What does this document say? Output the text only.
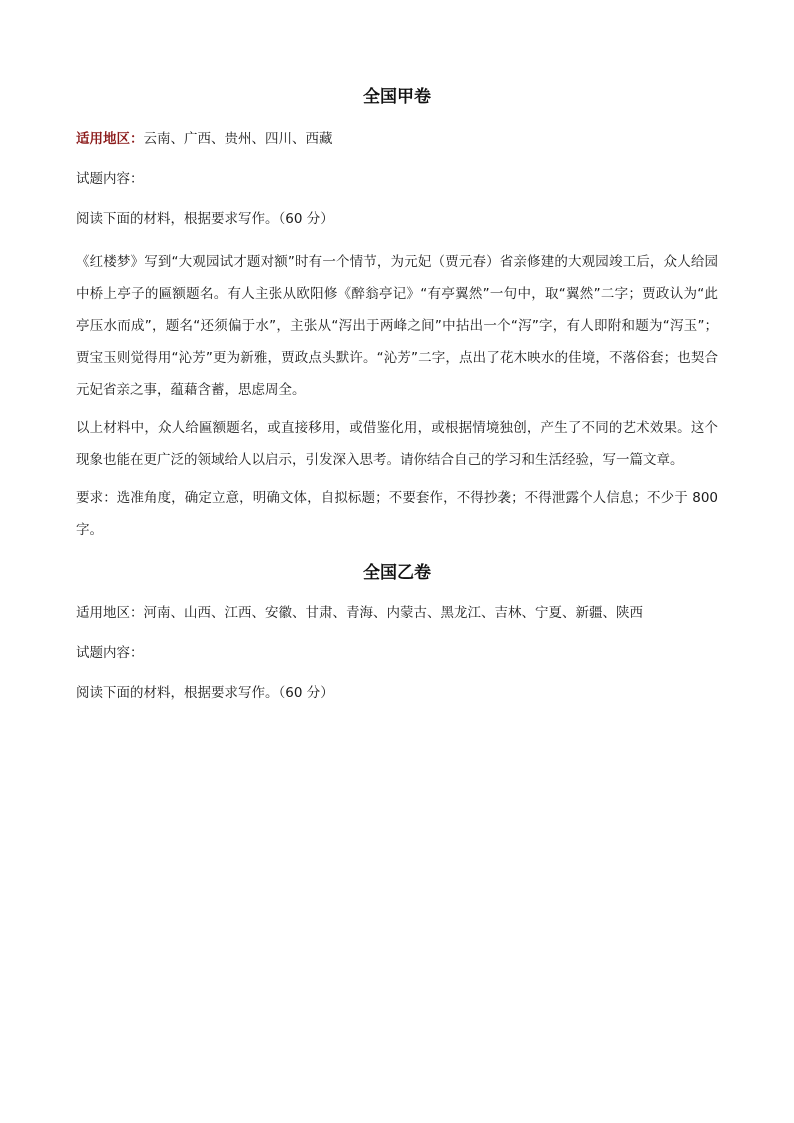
全国甲卷

适用地区：云南、广西、贵州、四川、西藏

试题内容：

阅读下面的材料，根据要求写作。（60 分）

《红楼梦》写到“大观园试才题对额”时有一个情节，为元妃（贾元春）省亲修建的大观园竣工后，众人给园中桥上亭子的匾额题名。有人主张从欧阳修《醉翁亭记》“有亭翼然”一句中，取“翼然”二字；贾政认为“此亭压水而成”，题名“还须偏于水”，主张从“泻出于两峰之间”中拈出一个“泻”字，有人即附和题为“泻玉”；贾宝玉则觉得用“沁芳”更为新雅，贾政点头默许。“沁芳”二字，点出了花木映水的佳境，不落俗套；也契合元妃省亲之事，蕴藉含蓄，思虑周全。

以上材料中，众人给匾额题名，或直接移用，或借鉴化用，或根据情境独创，产生了不同的艺术效果。这个现象也能在更广泛的领域给人以启示，引发深入思考。请你结合自己的学习和生活经验，写一篇文章。

要求：选准角度，确定立意，明确文体，自拟标题；不要套作，不得抄袭；不得泄露个人信息；不少于 800 字。

全国乙卷

适用地区：河南、山西、江西、安徽、甘肃、青海、内蒙古、黑龙江、吉林、宁夏、新疆、陕西

试题内容：

阅读下面的材料，根据要求写作。（60 分）
